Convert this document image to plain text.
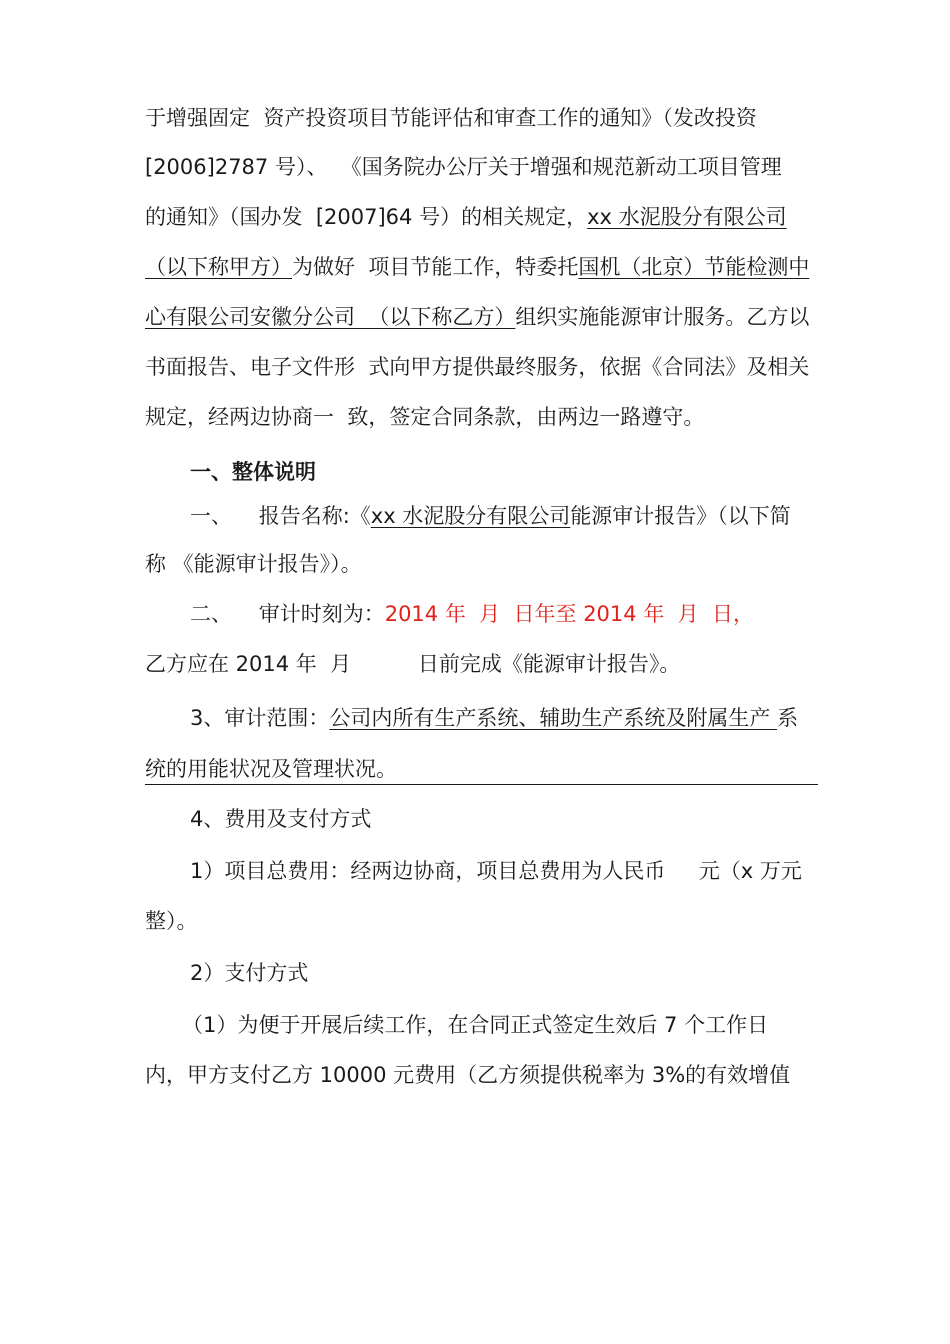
于增强固定  资产投资项目节能评估和审查工作的通知》（发改投资
[2006]2787 号）、  《国务院办公厅关于增强和规范新动工项目管理
的通知》（国办发  [2007]64 号）的相关规定，xx 水泥股分有限公司
（以下称甲方）为做好  项目节能工作，特委托国机（北京）节能检测中
心有限公司安徽分公司  （以下称乙方）组织实施能源审计服务。乙方以
书面报告、电子文件形  式向甲方提供最终服务，依据《合同法》及相关
规定，经两边协商一  致，签定合同条款，由两边一路遵守。
一、整体说明
一、    报告名称:《xx 水泥股分有限公司能源审计报告》（以下简
称 《能源审计报告》）。
二、    审计时刻为：2014 年  月  日年至 2014 年  月  日，
乙方应在 2014 年  月          日前完成《能源审计报告》。
3、审计范围：公司内所有生产系统、辅助生产系统及附属生产 系
统的用能状况及管理状况。
4、费用及支付方式
1）项目总费用：经两边协商，项目总费用为人民币     元（x 万元
整）。
2）支付方式
（1）为便于开展后续工作，在合同正式签定生效后 7 个工作日
内，甲方支付乙方 10000 元费用（乙方须提供税率为 3%的有效增值
